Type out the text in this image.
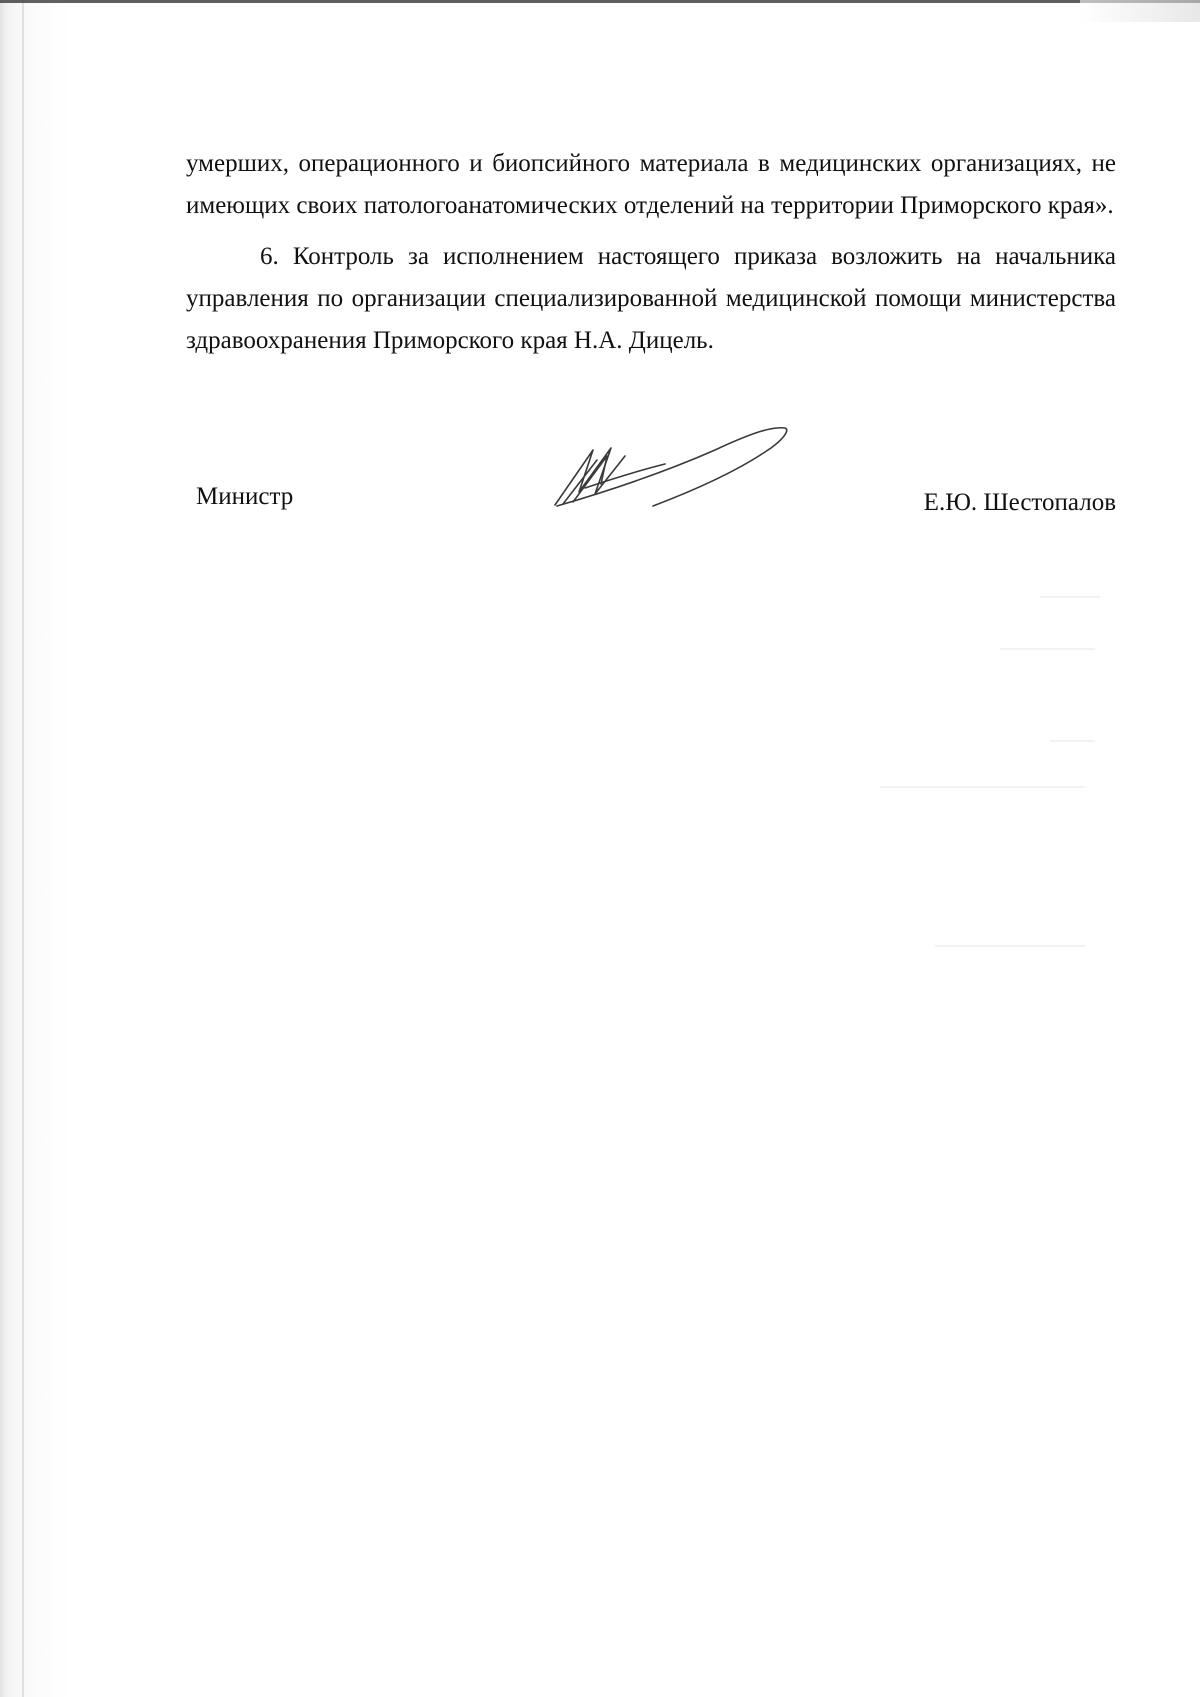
умерших, операционного и биопсийного материала в медицинских организациях, не имеющих своих патологоанатомических отделений на территории Приморского края».

6. Контроль за исполнением настоящего приказа возложить на начальника управления по организации специализированной медицинской помощи министерства здравоохранения Приморского края Н.А. Дицель.

Министр	Е.Ю. Шестопалов
